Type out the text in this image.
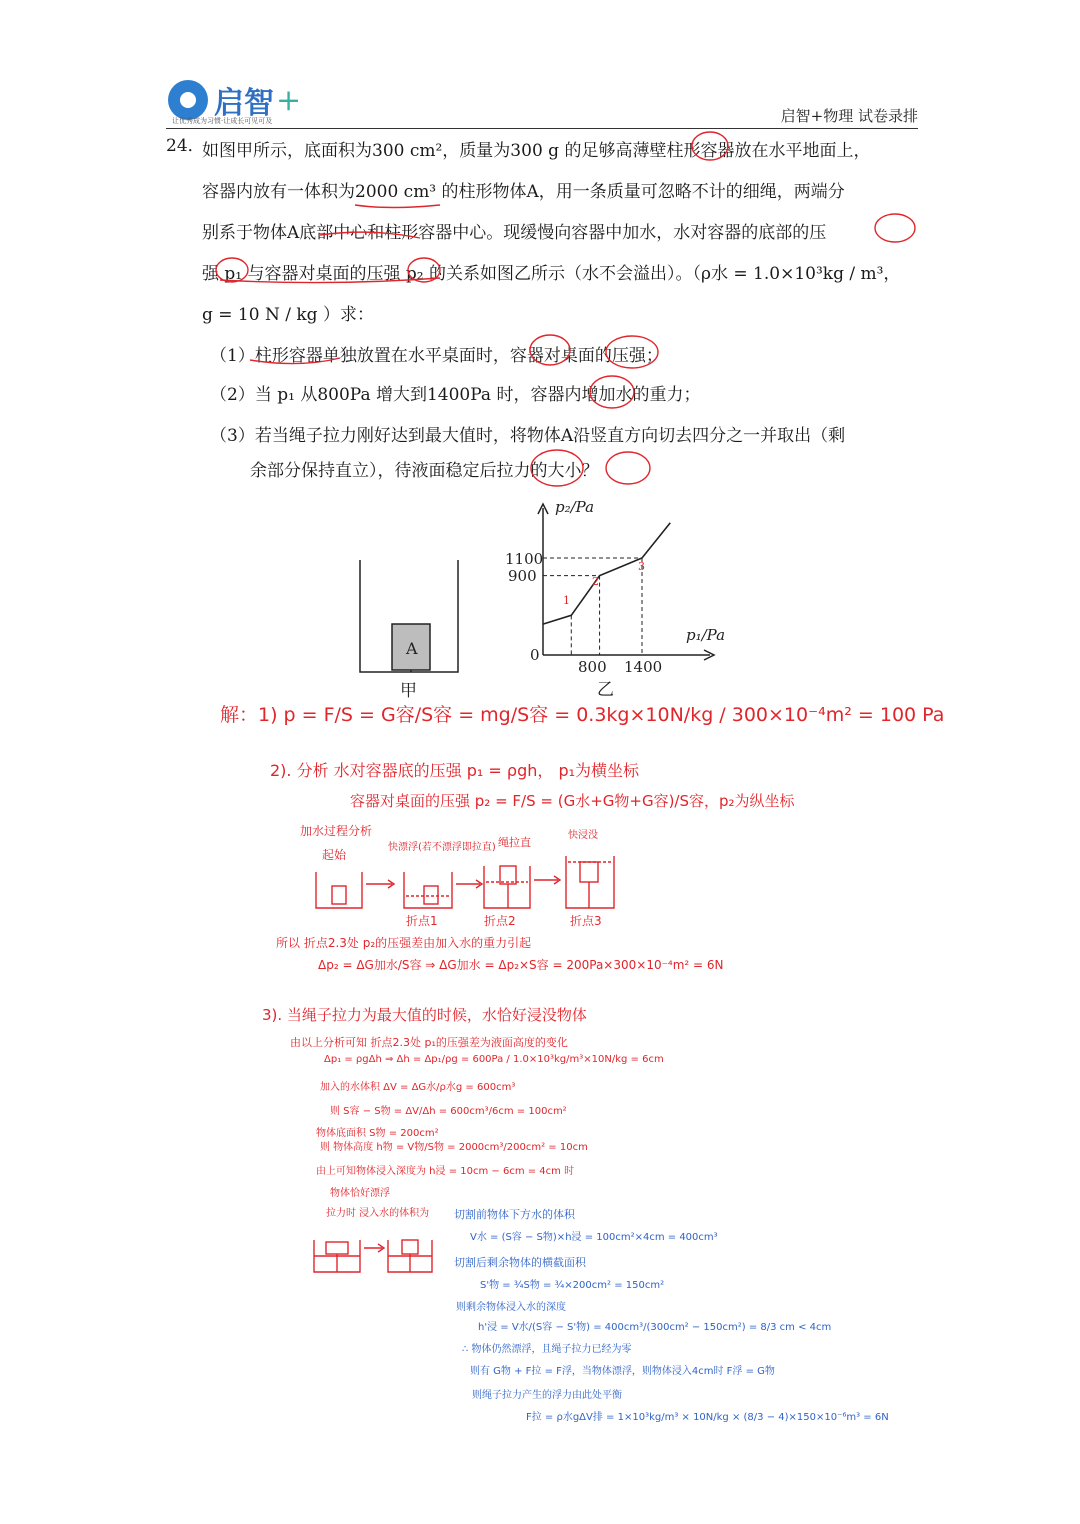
启智 +
让优秀成为习惯·让成长可见可及	启智+物理 试卷录排
24．
如图甲所示，底面积为300 cm²，质量为300 g 的足够高薄壁柱形容器放在水平地面上，
容器内放有一体积为2000 cm³ 的柱形物体A，用一条质量可忽略不计的细绳，两端分
别系于物体A底部中心和柱形容器中心。现缓慢向容器中加水，水对容器的底部的压
强 p₁ 与容器对桌面的压强 p₂ 的关系如图乙所示（水不会溢出）。（ρ水 = 1.0×10³kg / m³，
g = 10 N / kg ）求：
（1）柱形容器单独放置在水平桌面时，容器对桌面的压强；
（2）当 p₁ 从800Pa 增大到1400Pa 时，容器内增加水的重力；
（3）若当绳子拉力刚好达到最大值时，将物体A沿竖直方向切去四分之一并取出（剩
余部分保持直立），待液面稳定后拉力的大小？
A
甲
p₂/Pa
p₁/Pa
0
800 1400
900
1100
乙
1
2
3
解：1) p = F/S = G容/S容 = mg/S容 = 0.3kg×10N/kg / 300×10⁻⁴m² = 100 Pa
2). 分析 水对容器底的压强 p₁ = ρgh， p₁为横坐标
容器对桌面的压强 p₂ = F/S = (G水+G物+G容)/S容，p₂为纵坐标
加水过程分析
起始
快漂浮(若不漂浮即拉直) 绳拉直
快浸没
折点1	折点2	折点3
所以 折点2.3处 p₂的压强差由加入水的重力引起
Δp₂ = ΔG加水/S容 ⇒ ΔG加水 = Δp₂×S容 = 200Pa×300×10⁻⁴m² = 6N
3). 当绳子拉力为最大值的时候，水恰好浸没物体
由以上分析可知 折点2.3处 p₁的压强差为液面高度的变化
Δp₁ = ρgΔh ⇒ Δh = Δp₁/ρg = 600Pa / 1.0×10³kg/m³×10N/kg = 6cm
加入的水体积 ΔV = ΔG水/ρ水g = 600cm³
则 S容 − S物 = ΔV/Δh = 600cm³/6cm = 100cm²
物体底面积 S物 = 200cm²
则 物体高度 h物 = V物/S物 = 2000cm³/200cm² = 10cm
由上可知物体浸入深度为 h浸 = 10cm − 6cm = 4cm 时
物体恰好漂浮
拉力时 浸入水的体积为 切割前物体下方水的体积
V水 = (S容 − S物)×h浸 = 100cm²×4cm = 400cm³
切割后剩余物体的横截面积
S'物 = ¾S物 = ¾×200cm² = 150cm²
则剩余物体浸入水的深度
h'浸 = V水/(S容 − S'物) = 400cm³/(300cm² − 150cm²) = 8/3 cm < 4cm
∴ 物体仍然漂浮，且绳子拉力已经为零
则有 G物 + F拉 = F浮，当物体漂浮，则物体浸入4cm时 F浮 = G物
则绳子拉力产生的浮力由此处平衡
F拉 = ρ水gΔV排 = 1×10³kg/m³ × 10N/kg × (8/3 − 4)×150×10⁻⁶m³ = 6N
